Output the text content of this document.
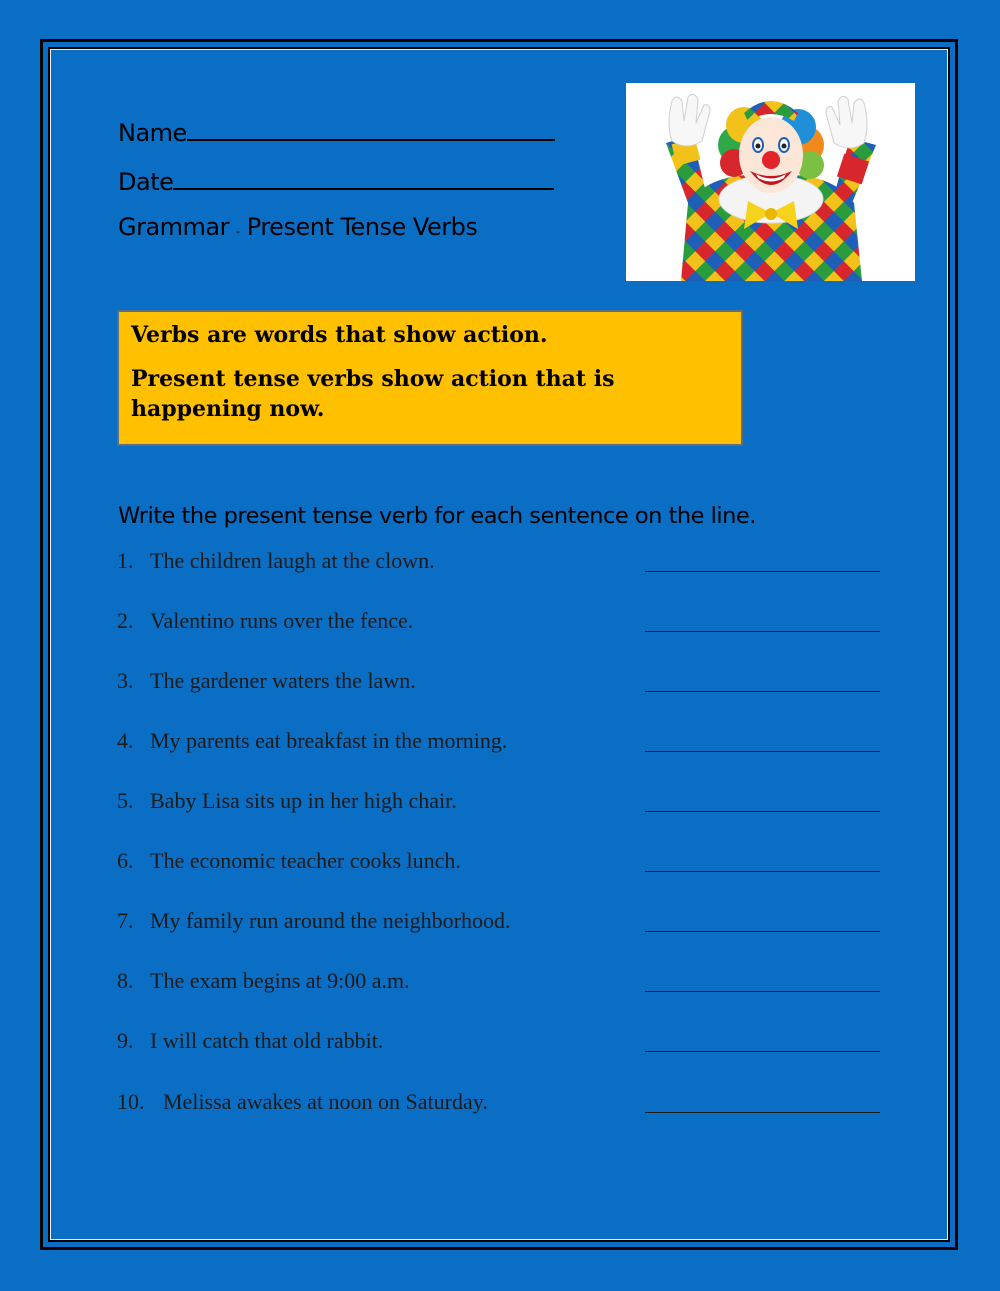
Name
Date
Grammar - Present Tense Verbs

Verbs are words that show action.

Present tense verbs show action that is happening now.

Write the present tense verb for each sentence on the line.
1. The children laugh at the clown.
2. Valentino runs over the fence.
3. The gardener waters the lawn.
4. My parents eat breakfast in the morning.
5. Baby Lisa sits up in her high chair.
6. The economic teacher cooks lunch.
7. My family run around the neighborhood.
8. The exam begins at 9:00 a.m.
9. I will catch that old rabbit.
10. Melissa awakes at noon on Saturday.
